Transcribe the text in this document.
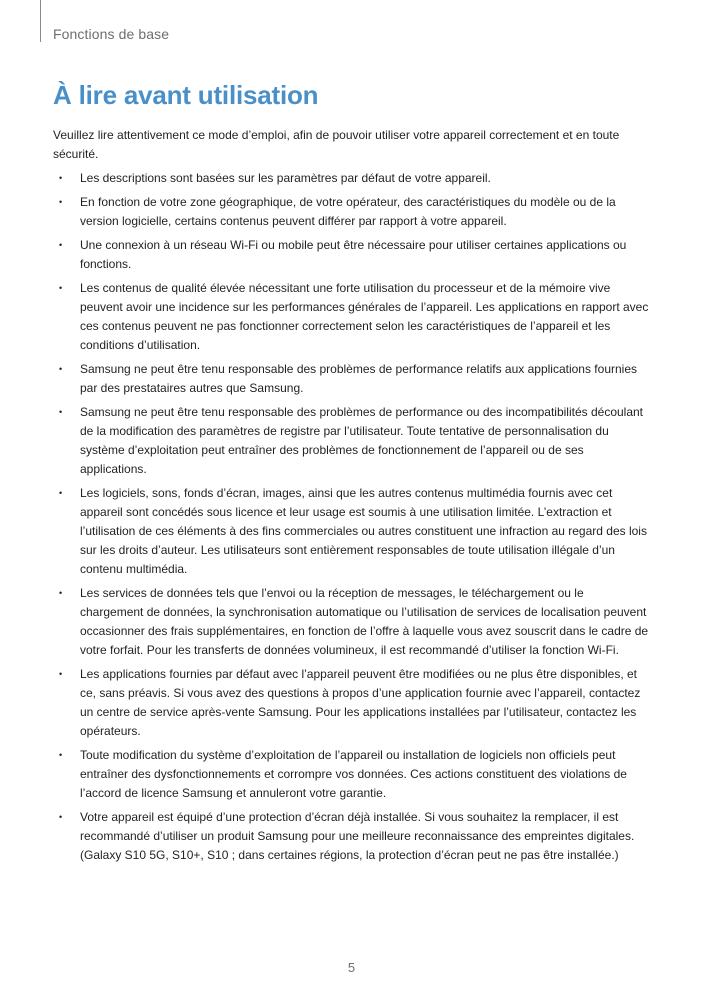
Fonctions de base
À lire avant utilisation

Veuillez lire attentivement ce mode d’emploi, afin de pouvoir utiliser votre appareil correctement et en toute sécurité.

• Les descriptions sont basées sur les paramètres par défaut de votre appareil.
• En fonction de votre zone géographique, de votre opérateur, des caractéristiques du modèle ou de la version logicielle, certains contenus peuvent différer par rapport à votre appareil.
• Une connexion à un réseau Wi-Fi ou mobile peut être nécessaire pour utiliser certaines applications ou fonctions.
• Les contenus de qualité élevée nécessitant une forte utilisation du processeur et de la mémoire vive peuvent avoir une incidence sur les performances générales de l’appareil. Les applications en rapport avec ces contenus peuvent ne pas fonctionner correctement selon les caractéristiques de l’appareil et les conditions d’utilisation.
• Samsung ne peut être tenu responsable des problèmes de performance relatifs aux applications fournies par des prestataires autres que Samsung.
• Samsung ne peut être tenu responsable des problèmes de performance ou des incompatibilités découlant de la modification des paramètres de registre par l’utilisateur. Toute tentative de personnalisation du système d’exploitation peut entraîner des problèmes de fonctionnement de l’appareil ou de ses applications.
• Les logiciels, sons, fonds d’écran, images, ainsi que les autres contenus multimédia fournis avec cet appareil sont concédés sous licence et leur usage est soumis à une utilisation limitée. L’extraction et l’utilisation de ces éléments à des fins commerciales ou autres constituent une infraction au regard des lois sur les droits d’auteur. Les utilisateurs sont entièrement responsables de toute utilisation illégale d’un contenu multimédia.
• Les services de données tels que l’envoi ou la réception de messages, le téléchargement ou le chargement de données, la synchronisation automatique ou l’utilisation de services de localisation peuvent occasionner des frais supplémentaires, en fonction de l’offre à laquelle vous avez souscrit dans le cadre de votre forfait. Pour les transferts de données volumineux, il est recommandé d’utiliser la fonction Wi-Fi.
• Les applications fournies par défaut avec l’appareil peuvent être modifiées ou ne plus être disponibles, et ce, sans préavis. Si vous avez des questions à propos d’une application fournie avec l’appareil, contactez un centre de service après-vente Samsung. Pour les applications installées par l’utilisateur, contactez les opérateurs.
• Toute modification du système d’exploitation de l’appareil ou installation de logiciels non officiels peut entraîner des dysfonctionnements et corrompre vos données. Ces actions constituent des violations de l’accord de licence Samsung et annuleront votre garantie.
• Votre appareil est équipé d’une protection d’écran déjà installée. Si vous souhaitez la remplacer, il est recommandé d’utiliser un produit Samsung pour une meilleure reconnaissance des empreintes digitales. (Galaxy S10 5G, S10+, S10 ; dans certaines régions, la protection d’écran peut ne pas être installée.)
5
